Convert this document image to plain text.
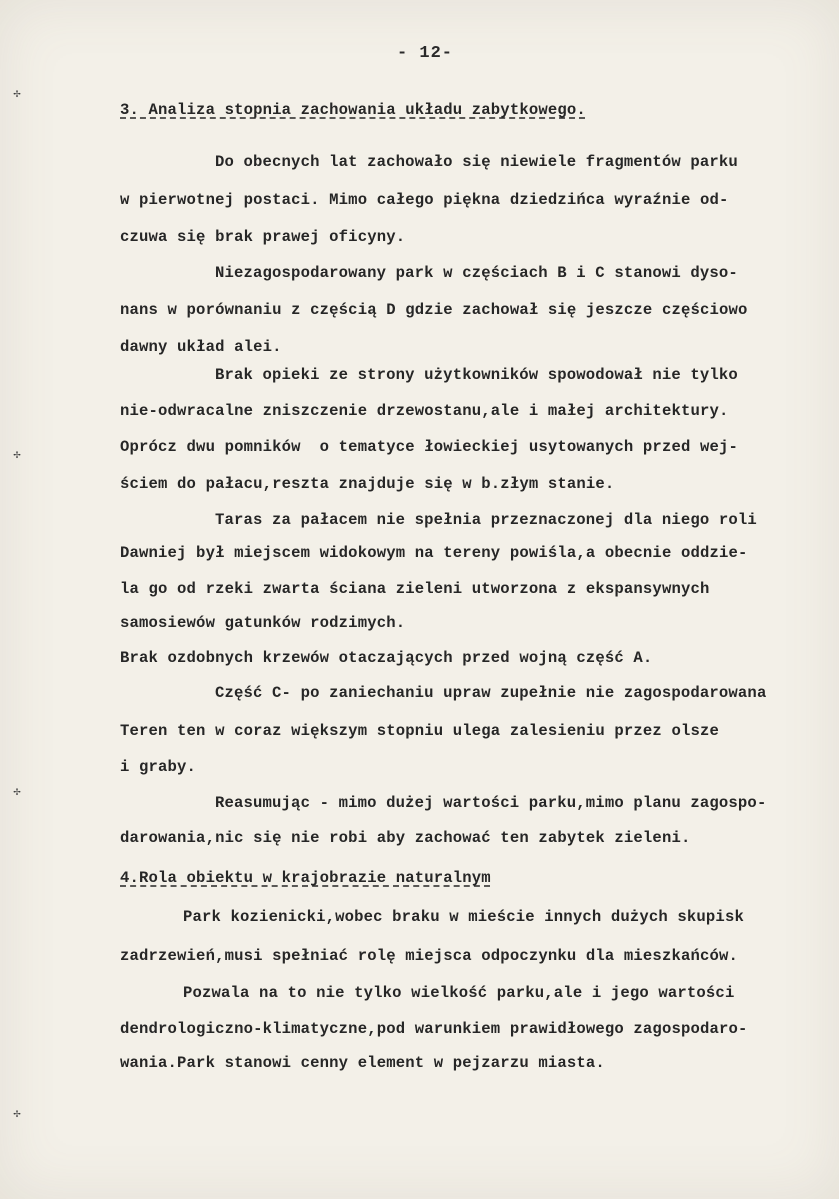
✢
✢
✢
✢
- 12-
3. Analiza stopnia zachowania układu zabytkowego.
Do obecnych lat zachowało się niewiele fragmentów parku
w pierwotnej postaci. Mimo całego piękna dziedzińca wyraźnie od-
czuwa się brak prawej oficyny.
Niezagospodarowany park w częściach B i C stanowi dyso-
nans w porównaniu z częścią D gdzie zachował się jeszcze częściowo
dawny układ alei.
Brak opieki ze strony użytkowników spowodował nie tylko
nie-odwracalne zniszczenie drzewostanu,ale i małej architektury.
Oprócz dwu pomników  o tematyce łowieckiej usytowanych przed wej-
ściem do pałacu,reszta znajduje się w b.złym stanie.
Taras za pałacem nie spełnia przeznaczonej dla niego roli
Dawniej był miejscem widokowym na tereny powiśla,a obecnie oddzie-
la go od rzeki zwarta ściana zieleni utworzona z ekspansywnych
samosiewów gatunków rodzimych.
Brak ozdobnych krzewów otaczających przed wojną część A.
Część C- po zaniechaniu upraw zupełnie nie zagospodarowana
Teren ten w coraz większym stopniu ulega zalesieniu przez olsze
i graby.
Reasumując - mimo dużej wartości parku,mimo planu zagospo-
darowania,nic się nie robi aby zachować ten zabytek zieleni.
4.Rola obiektu w krajobrazie naturalnym
Park kozienicki,wobec braku w mieście innych dużych skupisk
zadrzewień,musi spełniać rolę miejsca odpoczynku dla mieszkańców.
Pozwala na to nie tylko wielkość parku,ale i jego wartości
dendrologiczno-klimatyczne,pod warunkiem prawidłowego zagospodaro-
wania.Park stanowi cenny element w pejzarzu miasta.
